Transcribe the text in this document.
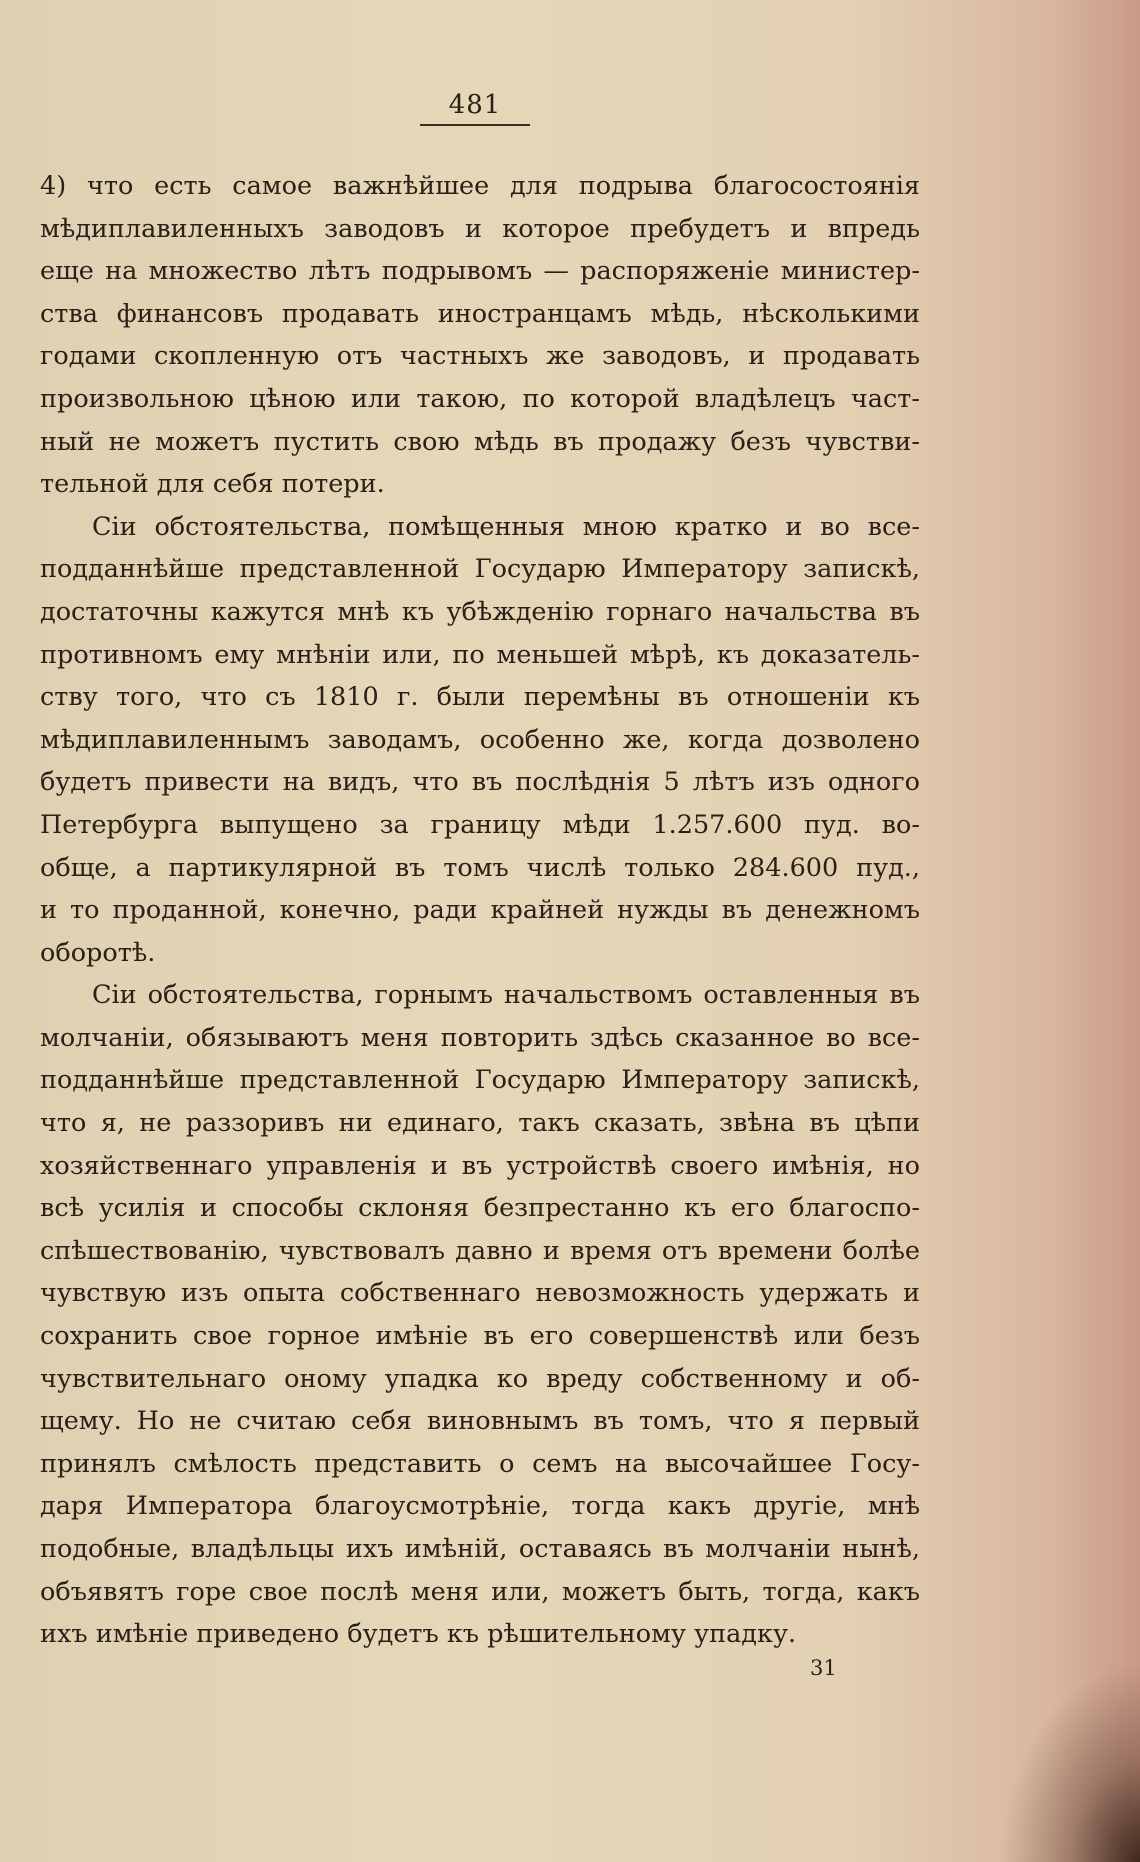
481
4) что есть самое важнѣйшее для подрыва благосостоянія
мѣдиплавиленныхъ заводовъ и которое пребудетъ и впредь
еще на множество лѣтъ подрывомъ — распоряженіе министер-
ства финансовъ продавать иностранцамъ мѣдь, нѣсколькими
годами скопленную отъ частныхъ же заводовъ, и продавать
произвольною цѣною или такою, по которой владѣлецъ част-
ный не можетъ пустить свою мѣдь въ продажу безъ чувстви-
тельной для себя потери.
Сіи обстоятельства, помѣщенныя мною кратко и во все-
подданнѣйше представленной Государю Императору запискѣ,
достаточны кажутся мнѣ къ убѣжденію горнаго начальства въ
противномъ ему мнѣніи или, по меньшей мѣрѣ, къ доказатель-
ству того, что съ 1810 г. были перемѣны въ отношеніи къ
мѣдиплавиленнымъ заводамъ, особенно же, когда дозволено
будетъ привести на видъ, что въ послѣднія 5 лѣтъ изъ одного
Петербурга выпущено за границу мѣди 1.257.600 пуд. во-
обще, а партикулярной въ томъ числѣ только 284.600 пуд.,
и то проданной, конечно, ради крайней нужды въ денежномъ
оборотѣ.
Сіи обстоятельства, горнымъ начальствомъ оставленныя въ
молчаніи, обязываютъ меня повторить здѣсь сказанное во все-
подданнѣйше представленной Государю Императору запискѣ,
что я, не раззоривъ ни единаго, такъ сказать, звѣна въ цѣпи
хозяйственнаго управленія и въ устройствѣ своего имѣнія, но
всѣ усилія и способы склоняя безпрестанно къ его благоспо-
спѣшествованію, чувствовалъ давно и время отъ времени болѣе
чувствую изъ опыта собственнаго невозможность удержать и
сохранить свое горное имѣніе въ его совершенствѣ или безъ
чувствительнаго оному упадка ко вреду собственному и об-
щему. Но не считаю себя виновнымъ въ томъ, что я первый
принялъ смѣлость представить о семъ на высочайшее Госу-
даря Императора благоусмотрѣніе, тогда какъ другіе, мнѣ
подобные, владѣльцы ихъ имѣній, оставаясь въ молчаніи нынѣ,
объявятъ горе свое послѣ меня или, можетъ быть, тогда, какъ
ихъ имѣніе приведено будетъ къ рѣшительному упадку.
31
